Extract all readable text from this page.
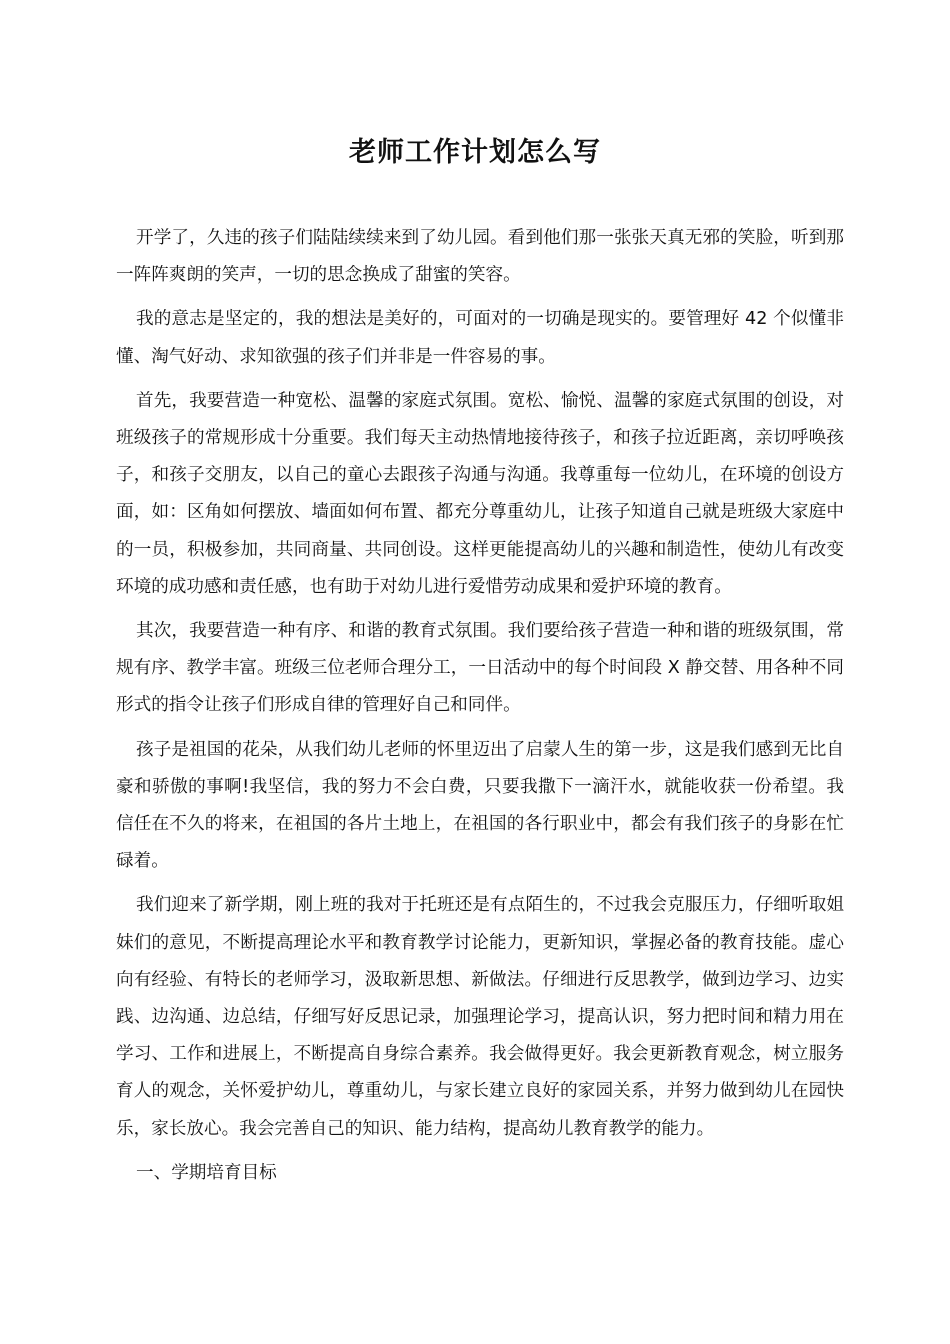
老师工作计划怎么写

开学了，久违的孩子们陆陆续续来到了幼儿园。看到他们那一张张天真无邪的笑脸，听到那一阵阵爽朗的笑声，一切的思念换成了甜蜜的笑容。

我的意志是坚定的，我的想法是美好的，可面对的一切确是现实的。要管理好 42 个似懂非懂、淘气好动、求知欲强的孩子们并非是一件容易的事。

首先，我要营造一种宽松、温馨的家庭式氛围。宽松、愉悦、温馨的家庭式氛围的创设，对班级孩子的常规形成十分重要。我们每天主动热情地接待孩子，和孩子拉近距离，亲切呼唤孩子，和孩子交朋友，以自己的童心去跟孩子沟通与沟通。我尊重每一位幼儿，在环境的创设方面，如：区角如何摆放、墙面如何布置、都充分尊重幼儿，让孩子知道自己就是班级大家庭中的一员，积极参加，共同商量、共同创设。这样更能提高幼儿的兴趣和制造性，使幼儿有改变环境的成功感和责任感，也有助于对幼儿进行爱惜劳动成果和爱护环境的教育。

其次，我要营造一种有序、和谐的教育式氛围。我们要给孩子营造一种和谐的班级氛围，常规有序、教学丰富。班级三位老师合理分工，一日活动中的每个时间段 X 静交替、用各种不同形式的指令让孩子们形成自律的管理好自己和同伴。

孩子是祖国的花朵，从我们幼儿老师的怀里迈出了启蒙人生的第一步，这是我们感到无比自豪和骄傲的事啊!我坚信，我的努力不会白费，只要我撒下一滴汗水，就能收获一份希望。我信任在不久的将来，在祖国的各片土地上，在祖国的各行职业中，都会有我们孩子的身影在忙碌着。

我们迎来了新学期，刚上班的我对于托班还是有点陌生的，不过我会克服压力，仔细听取姐妹们的意见，不断提高理论水平和教育教学讨论能力，更新知识，掌握必备的教育技能。虚心向有经验、有特长的老师学习，汲取新思想、新做法。仔细进行反思教学，做到边学习、边实践、边沟通、边总结，仔细写好反思记录，加强理论学习，提高认识，努力把时间和精力用在学习、工作和进展上，不断提高自身综合素养。我会做得更好。我会更新教育观念，树立服务育人的观念，关怀爱护幼儿，尊重幼儿，与家长建立良好的家园关系，并努力做到幼儿在园快乐，家长放心。我会完善自己的知识、能力结构，提高幼儿教育教学的能力。

一、学期培育目标
